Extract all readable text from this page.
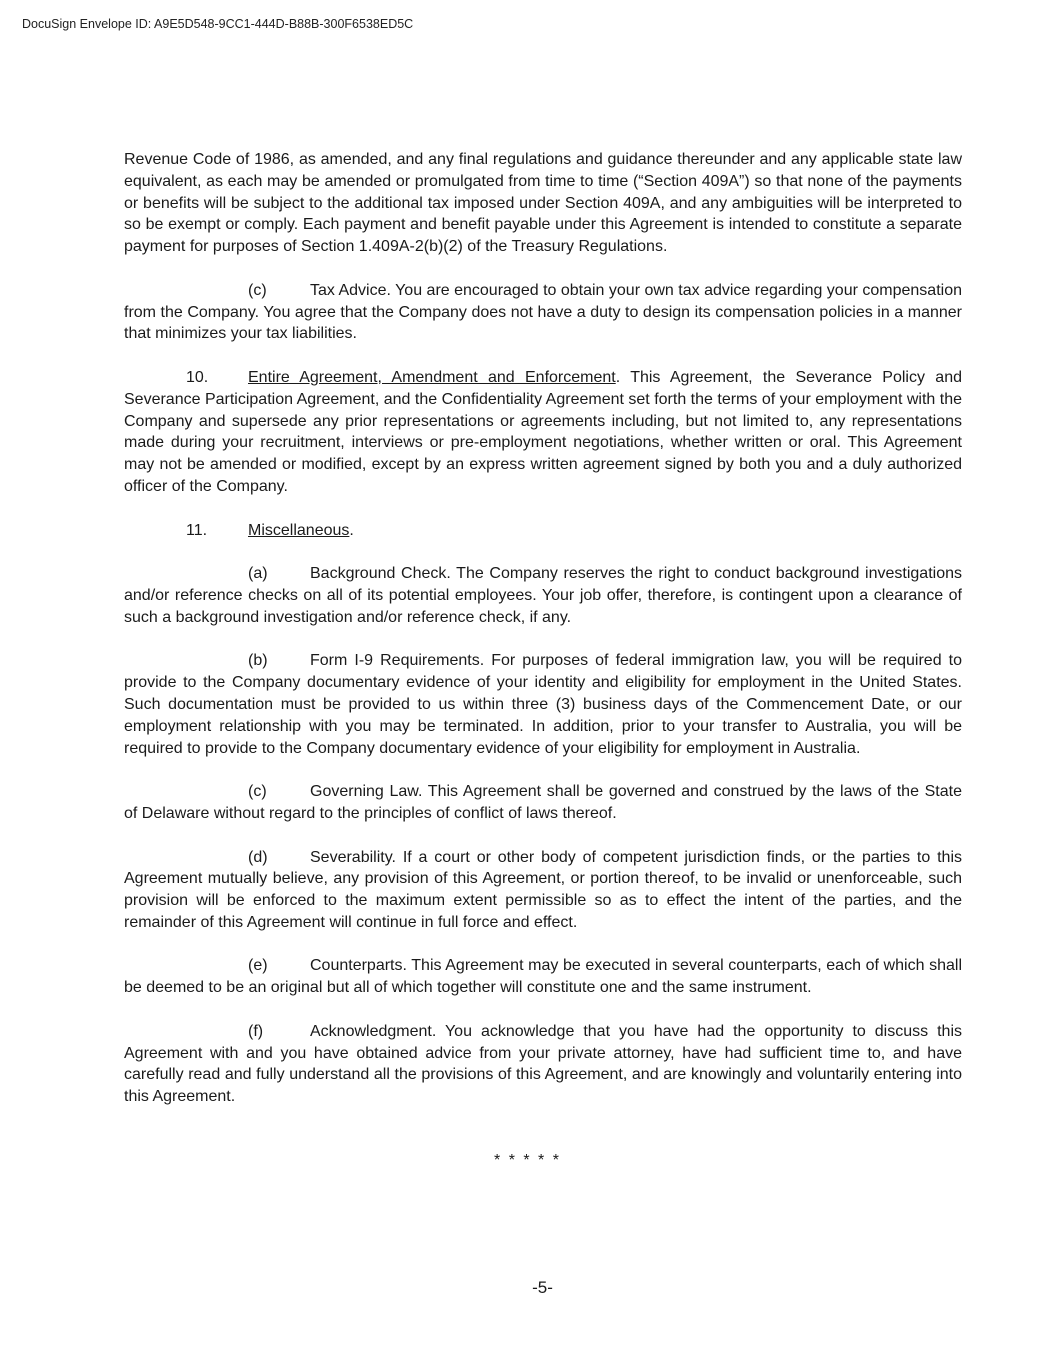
DocuSign Envelope ID: A9E5D548-9CC1-444D-B88B-300F6538ED5C

Revenue Code of 1986, as amended, and any final regulations and guidance thereunder and any applicable state law equivalent, as each may be amended or promulgated from time to time (“Section 409A”) so that none of the payments or benefits will be subject to the additional tax imposed under Section 409A, and any ambiguities will be interpreted to so be exempt or comply. Each payment and benefit payable under this Agreement is intended to constitute a separate payment for purposes of Section 1.409A-2(b)(2) of the Treasury Regulations.

(c)	Tax Advice. You are encouraged to obtain your own tax advice regarding your compensation from the Company. You agree that the Company does not have a duty to design its compensation policies in a manner that minimizes your tax liabilities.

10. Entire Agreement, Amendment and Enforcement. This Agreement, the Severance Policy and Severance Participation Agreement, and the Confidentiality Agreement set forth the terms of your employment with the Company and supersede any prior representations or agreements including, but not limited to, any representations made during your recruitment, interviews or pre-employment negotiations, whether written or oral. This Agreement may not be amended or modified, except by an express written agreement signed by both you and a duly authorized officer of the Company.

11.	Miscellaneous.

(a)	Background Check. The Company reserves the right to conduct background investigations and/or reference checks on all of its potential employees. Your job offer, therefore, is contingent upon a clearance of such a background investigation and/or reference check, if any.

(b)	Form I-9 Requirements. For purposes of federal immigration law, you will be required to provide to the Company documentary evidence of your identity and eligibility for employment in the United States. Such documentation must be provided to us within three (3) business days of the Commencement Date, or our employment relationship with you may be terminated. In addition, prior to your transfer to Australia, you will be required to provide to the Company documentary evidence of your eligibility for employment in Australia.

(c)	Governing Law. This Agreement shall be governed and construed by the laws of the State of Delaware without regard to the principles of conflict of laws thereof.

(d)	Severability. If a court or other body of competent jurisdiction finds, or the parties to this Agreement mutually believe, any provision of this Agreement, or portion thereof, to be invalid or unenforceable, such provision will be enforced to the maximum extent permissible so as to effect the intent of the parties, and the remainder of this Agreement will continue in full force and effect.

(e)	Counterparts. This Agreement may be executed in several counterparts, each of which shall be deemed to be an original but all of which together will constitute one and the same instrument.

(f)	Acknowledgment. You acknowledge that you have had the opportunity to discuss this Agreement with and you have obtained advice from your private attorney, have had sufficient time to, and have carefully read and fully understand all the provisions of this Agreement, and are knowingly and voluntarily entering into this Agreement.

* * * * *
-5-
